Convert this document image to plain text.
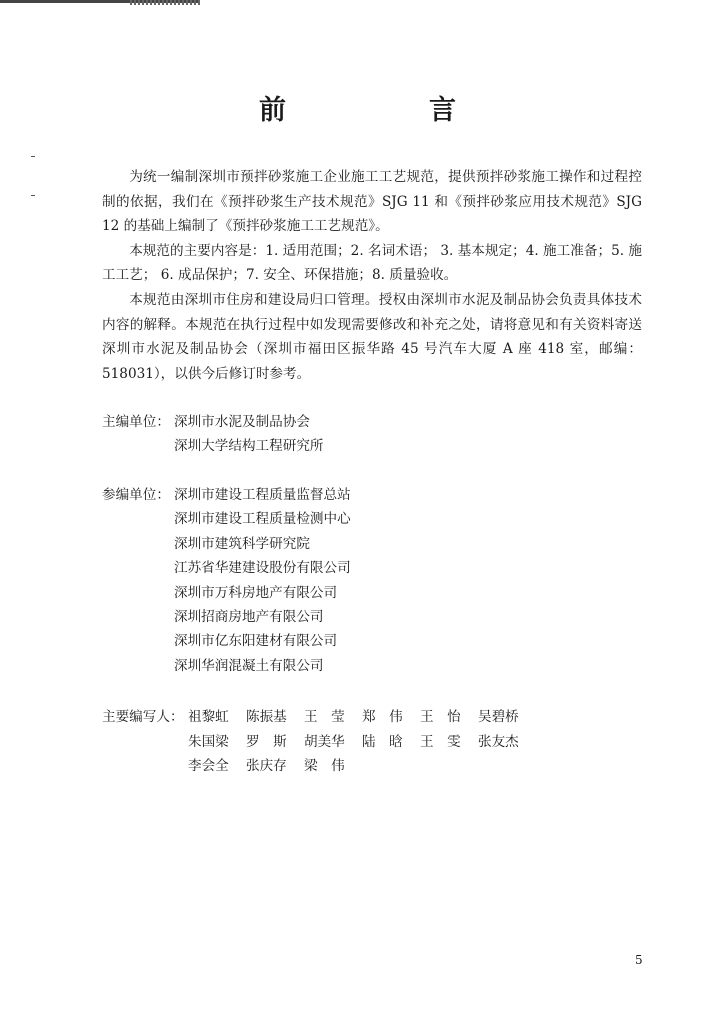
前　言

为统一编制深圳市预拌砂浆施工企业施工工艺规范，提供预拌砂浆施工操作和过程控制的依据，我们在《预拌砂浆生产技术规范》SJG 11 和《预拌砂浆应用技术规范》SJG 12 的基础上编制了《预拌砂浆施工工艺规范》。

本规范的主要内容是：1. 适用范围；2. 名词术语； 3. 基本规定；4. 施工准备；5. 施工工艺； 6. 成品保护；7. 安全、环保措施；8. 质量验收。

本规范由深圳市住房和建设局归口管理。授权由深圳市水泥及制品协会负责具体技术内容的解释。本规范在执行过程中如发现需要修改和补充之处，请将意见和有关资料寄送深圳市水泥及制品协会（深圳市福田区振华路 45 号汽车大厦 A 座 418 室，邮编：518031），以供今后修订时参考。

主编单位： 深圳市水泥及制品协会
深圳大学结构工程研究所
参编单位： 深圳市建设工程质量监督总站
深圳市建设工程质量检测中心
深圳市建筑科学研究院
江苏省华建建设股份有限公司
深圳市万科房地产有限公司
深圳招商房地产有限公司
深圳市亿东阳建材有限公司
深圳华润混凝土有限公司
主要编写人： 祖黎虹	陈振基	王　莹	郑　伟	王　怡	吴碧桥
朱国梁	罗　斯	胡美华	陆　晗	王　雯	张友杰
李会全	张庆存	梁　伟
5
